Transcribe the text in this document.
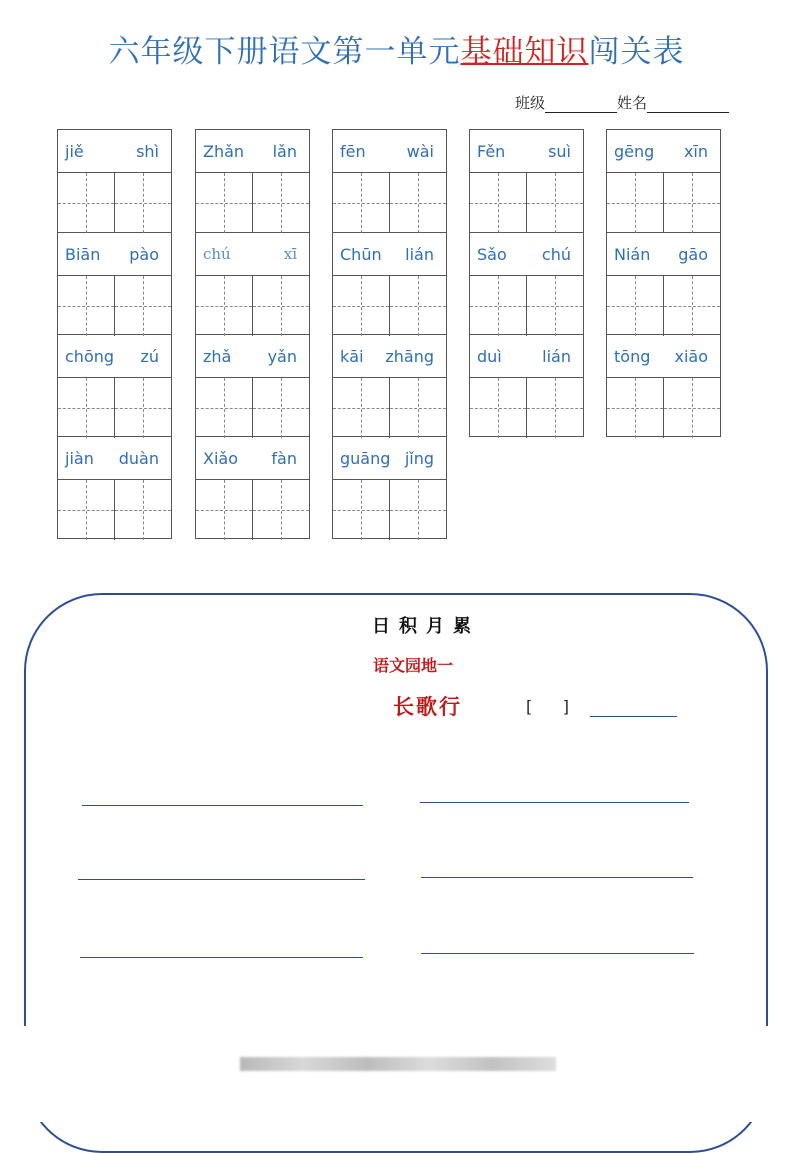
六年级下册语文第一单元基础知识闯关表
班级	姓名
jiě	shì
Biān pào
chōng zú
jiàn duàn
Zhǎn lǎn
chú	xī
zhǎ yǎn
Xiǎo fàn
fēn	wài
Chūn lián
kāi zhāng
guāng jǐng
Fěn	suì
Sǎo chú
duì	lián
gēng xīn
Nián gāo
tōng xiāo
日积月累
语文园地一
长歌行	[      ]
